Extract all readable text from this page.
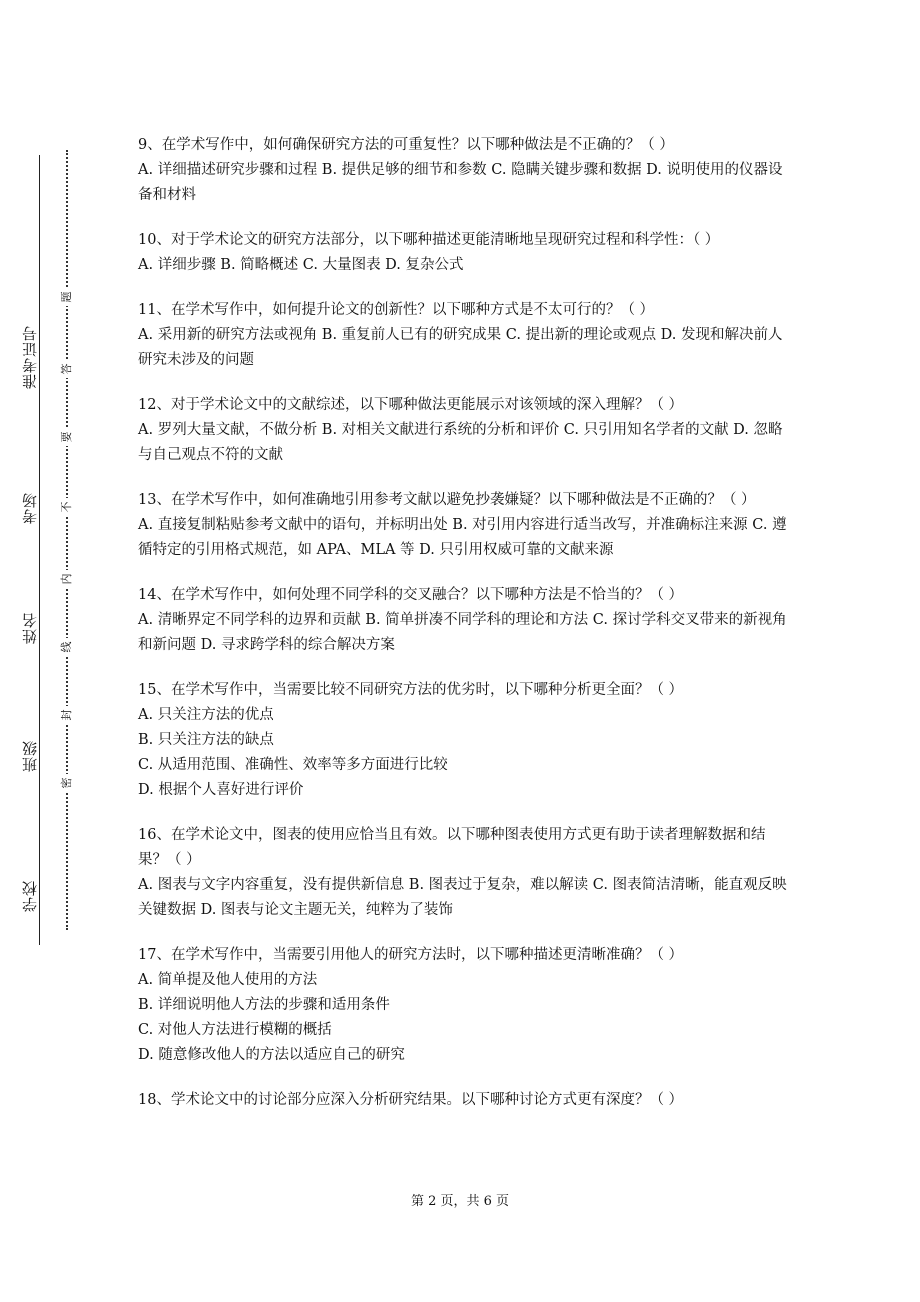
学校
班级
姓名
考场
准考证号
密
封
线
内
不
要
答
题

9、在学术写作中，如何确保研究方法的可重复性？以下哪种做法是不正确的？（ ）

A. 详细描述研究步骤和过程 B. 提供足够的细节和参数 C. 隐瞒关键步骤和数据 D. 说明使用的仪器设备和材料

10、对于学术论文的研究方法部分，以下哪种描述更能清晰地呈现研究过程和科学性：（ ）

A. 详细步骤 B. 简略概述 C. 大量图表 D. 复杂公式

11、在学术写作中，如何提升论文的创新性？以下哪种方式是不太可行的？（ ）

A. 采用新的研究方法或视角 B. 重复前人已有的研究成果 C. 提出新的理论或观点 D. 发现和解决前人研究未涉及的问题

12、对于学术论文中的文献综述，以下哪种做法更能展示对该领域的深入理解？（ ）

A. 罗列大量文献，不做分析 B. 对相关文献进行系统的分析和评价 C. 只引用知名学者的文献 D. 忽略与自己观点不符的文献

13、在学术写作中，如何准确地引用参考文献以避免抄袭嫌疑？以下哪种做法是不正确的？（ ）

A. 直接复制粘贴参考文献中的语句，并标明出处 B. 对引用内容进行适当改写，并准确标注来源 C. 遵循特定的引用格式规范，如 APA、MLA 等 D. 只引用权威可靠的文献来源

14、在学术写作中，如何处理不同学科的交叉融合？以下哪种方法是不恰当的？（ ）

A. 清晰界定不同学科的边界和贡献 B. 简单拼凑不同学科的理论和方法 C. 探讨学科交叉带来的新视角和新问题 D. 寻求跨学科的综合解决方案

15、在学术写作中，当需要比较不同研究方法的优劣时，以下哪种分析更全面？（ ）

A. 只关注方法的优点

B. 只关注方法的缺点

C. 从适用范围、准确性、效率等多方面进行比较

D. 根据个人喜好进行评价

16、在学术论文中，图表的使用应恰当且有效。以下哪种图表使用方式更有助于读者理解数据和结果？（ ）

A. 图表与文字内容重复，没有提供新信息 B. 图表过于复杂，难以解读 C. 图表简洁清晰，能直观反映关键数据 D. 图表与论文主题无关，纯粹为了装饰

17、在学术写作中，当需要引用他人的研究方法时，以下哪种描述更清晰准确？（ ）

A. 简单提及他人使用的方法

B. 详细说明他人方法的步骤和适用条件

C. 对他人方法进行模糊的概括

D. 随意修改他人的方法以适应自己的研究

18、学术论文中的讨论部分应深入分析研究结果。以下哪种讨论方式更有深度？（ ）

第 2 页，共 6 页
